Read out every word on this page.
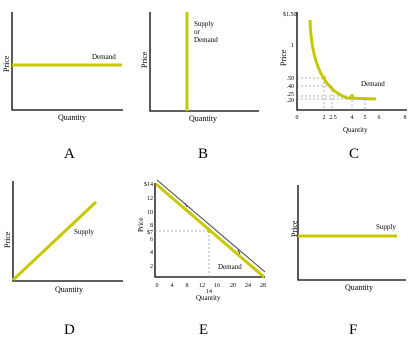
Demand
Quantity
Price
A
Supply
or
Demand
Quantity
Price
B
$1.50
1
.50
.40
.25
.20
0	2 2.5 4 5 6	8
Demand
Quantity
Price
C
Supply
Quantity
Price
D
$14
12
10
8
$7
6
4
2
0 4 8 12 16 20 24 28
14
Demand
Quantity
Price
E
Supply
Quantity
Price
F
